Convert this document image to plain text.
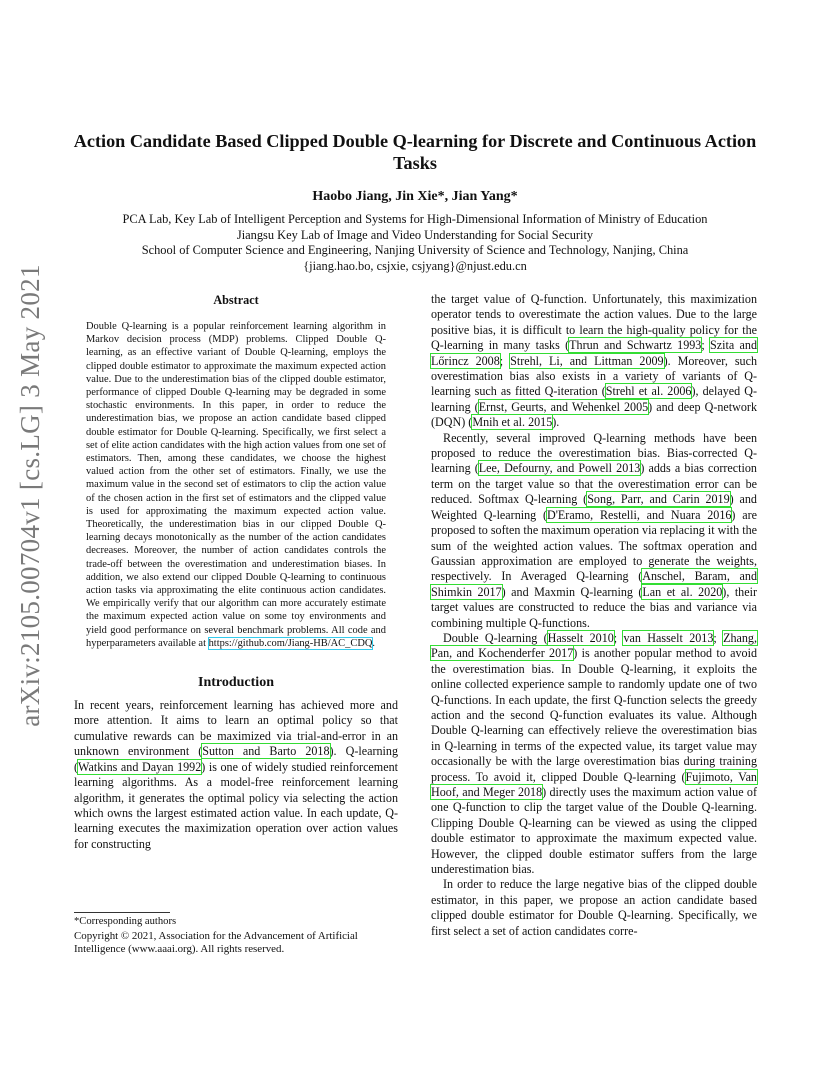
arXiv:2105.00704v1 [cs.LG] 3 May 2021
Action Candidate Based Clipped Double Q-learning for Discrete and Continuous Action Tasks
Haobo Jiang, Jin Xie*, Jian Yang*
PCA Lab, Key Lab of Intelligent Perception and Systems for High-Dimensional Information of Ministry of Education
Jiangsu Key Lab of Image and Video Understanding for Social Security
School of Computer Science and Engineering, Nanjing University of Science and Technology, Nanjing, China
{jiang.hao.bo, csjxie, csjyang}@njust.edu.cn
Abstract

Double Q-learning is a popular reinforcement learning algorithm in Markov decision process (MDP) problems. Clipped Double Q-learning, as an effective variant of Double Q-learning, employs the clipped double estimator to approximate the maximum expected action value. Due to the underestimation bias of the clipped double estimator, performance of clipped Double Q-learning may be degraded in some stochastic environments. In this paper, in order to reduce the underestimation bias, we propose an action candidate based clipped double estimator for Double Q-learning. Specifically, we first select a set of elite action candidates with the high action values from one set of estimators. Then, among these candidates, we choose the highest valued action from the other set of estimators. Finally, we use the maximum value in the second set of estimators to clip the action value of the chosen action in the first set of estimators and the clipped value is used for approximating the maximum expected action value. Theoretically, the underestimation bias in our clipped Double Q-learning decays monotonically as the number of the action candidates decreases. Moreover, the number of action candidates controls the trade-off between the overestimation and underestimation biases. In addition, we also extend our clipped Double Q-learning to continuous action tasks via approximating the elite continuous action candidates. We empirically verify that our algorithm can more accurately estimate the maximum expected action value on some toy environments and yield good performance on several benchmark problems. All code and hyperparameters available at https://github.com/Jiang-HB/AC_CDQ.

Introduction

In recent years, reinforcement learning has achieved more and more attention. It aims to learn an optimal policy so that cumulative rewards can be maximized via trial-and-error in an unknown environment (Sutton and Barto 2018). Q-learning (Watkins and Dayan 1992) is one of widely studied reinforcement learning algorithms. As a model-free reinforcement learning algorithm, it generates the optimal policy via selecting the action which owns the largest estimated action value. In each update, Q-learning executes the maximization operation over action values for constructing

*Corresponding authors
Copyright © 2021, Association for the Advancement of Artificial Intelligence (www.aaai.org). All rights reserved.

the target value of Q-function. Unfortunately, this maximization operator tends to overestimate the action values. Due to the large positive bias, it is difficult to learn the high-quality policy for the Q-learning in many tasks (Thrun and Schwartz 1993; Szita and Lőrincz 2008; Strehl, Li, and Littman 2009). Moreover, such overestimation bias also exists in a variety of variants of Q-learning such as fitted Q-iteration (Strehl et al. 2006), delayed Q-learning (Ernst, Geurts, and Wehenkel 2005) and deep Q-network (DQN) (Mnih et al. 2015).

Recently, several improved Q-learning methods have been proposed to reduce the overestimation bias. Bias-corrected Q-learning (Lee, Defourny, and Powell 2013) adds a bias correction term on the target value so that the overestimation error can be reduced. Softmax Q-learning (Song, Parr, and Carin 2019) and Weighted Q-learning (D'Eramo, Restelli, and Nuara 2016) are proposed to soften the maximum operation via replacing it with the sum of the weighted action values. The softmax operation and Gaussian approximation are employed to generate the weights, respectively. In Averaged Q-learning (Anschel, Baram, and Shimkin 2017) and Maxmin Q-learning (Lan et al. 2020), their target values are constructed to reduce the bias and variance via combining multiple Q-functions.

Double Q-learning (Hasselt 2010; van Hasselt 2013; Zhang, Pan, and Kochenderfer 2017) is another popular method to avoid the overestimation bias. In Double Q-learning, it exploits the online collected experience sample to randomly update one of two Q-functions. In each update, the first Q-function selects the greedy action and the second Q-function evaluates its value. Although Double Q-learning can effectively relieve the overestimation bias in Q-learning in terms of the expected value, its target value may occasionally be with the large overestimation bias during training process. To avoid it, clipped Double Q-learning (Fujimoto, Van Hoof, and Meger 2018) directly uses the maximum action value of one Q-function to clip the target value of the Double Q-learning. Clipping Double Q-learning can be viewed as using the clipped double estimator to approximate the maximum expected value. However, the clipped double estimator suffers from the large underestimation bias.

In order to reduce the large negative bias of the clipped double estimator, in this paper, we propose an action candidate based clipped double estimator for Double Q-learning. Specifically, we first select a set of action candidates corre-
